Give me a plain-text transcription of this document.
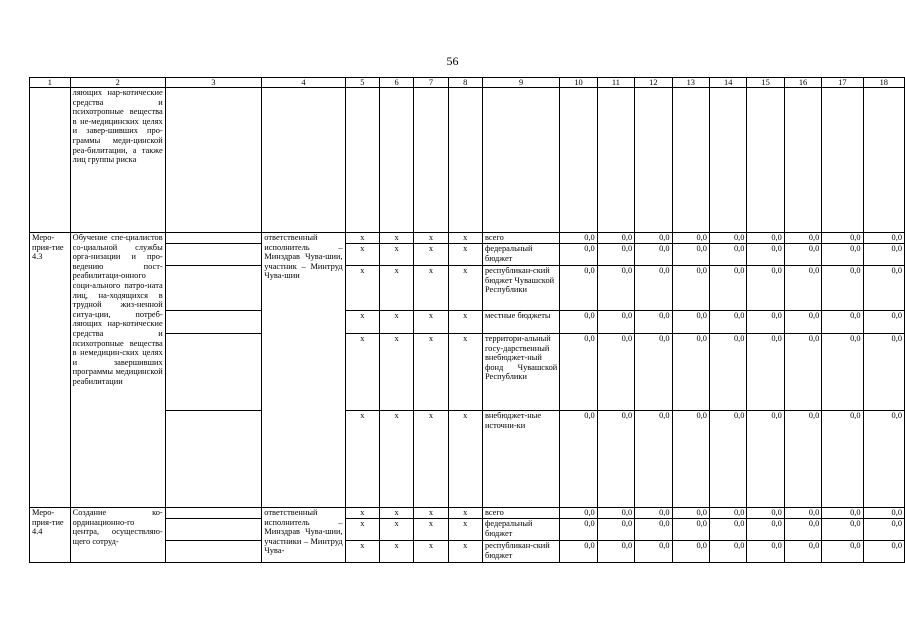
56
1	2	3	4	5	6	7	8	9	10	11	12	13	14	15	16	17	18
	ляющих нар-котические средства и психотропные вещества в не-медицинских целях и завер-шивших про-граммы меди-цинской реа-билитации, а также лиц группы риска																
Меро-прия-тие 4.3	Обучение спе-циалистов со-циальной службы орга-низации и про-ведению пост-реабилитаци-онного соци-ального патро-ната лиц, на-ходящихся в трудной жиз-ненной ситуа-ции, потреб-ляющих нар-котические средства и психотропные вещества в немедицин-ских целях и завершивших программы медицинской реабилитации		ответственный исполнитель – Минздрав Чува-шии, участник – Минтруд Чува-шии	x	x	x	x	всего	0,0	0,0	0,0	0,0	0,0	0,0	0,0	0,0	0,0
				x	x	x	x	федеральный бюджет	0,0	0,0	0,0	0,0	0,0	0,0	0,0	0,0	0,0
				x	x	x	x	республикан-ский бюджет Чувашской Республики	0,0	0,0	0,0	0,0	0,0	0,0	0,0	0,0	0,0
				x	x	x	x	местные бюджеты	0,0	0,0	0,0	0,0	0,0	0,0	0,0	0,0	0,0
				x	x	x	x	территори-альный госу-дарственный внебюджет-ный фонд Чувашской Республики	0,0	0,0	0,0	0,0	0,0	0,0	0,0	0,0	0,0
				x	x	x	x	внебюджет-ные источни-ки	0,0	0,0	0,0	0,0	0,0	0,0	0,0	0,0	0,0
Меро-прия-тие 4.4	Создание ко-ординационно-го центра, осуществляю-щего сотруд-		ответственный исполнитель – Минздрав Чува-шии, участники – Минтруд Чува-	x	x	x	x	всего	0,0	0,0	0,0	0,0	0,0	0,0	0,0	0,0	0,0
				x	x	x	x	федеральный бюджет	0,0	0,0	0,0	0,0	0,0	0,0	0,0	0,0	0,0
				x	x	x	x	республикан-ский бюджет	0,0	0,0	0,0	0,0	0,0	0,0	0,0	0,0	0,0
